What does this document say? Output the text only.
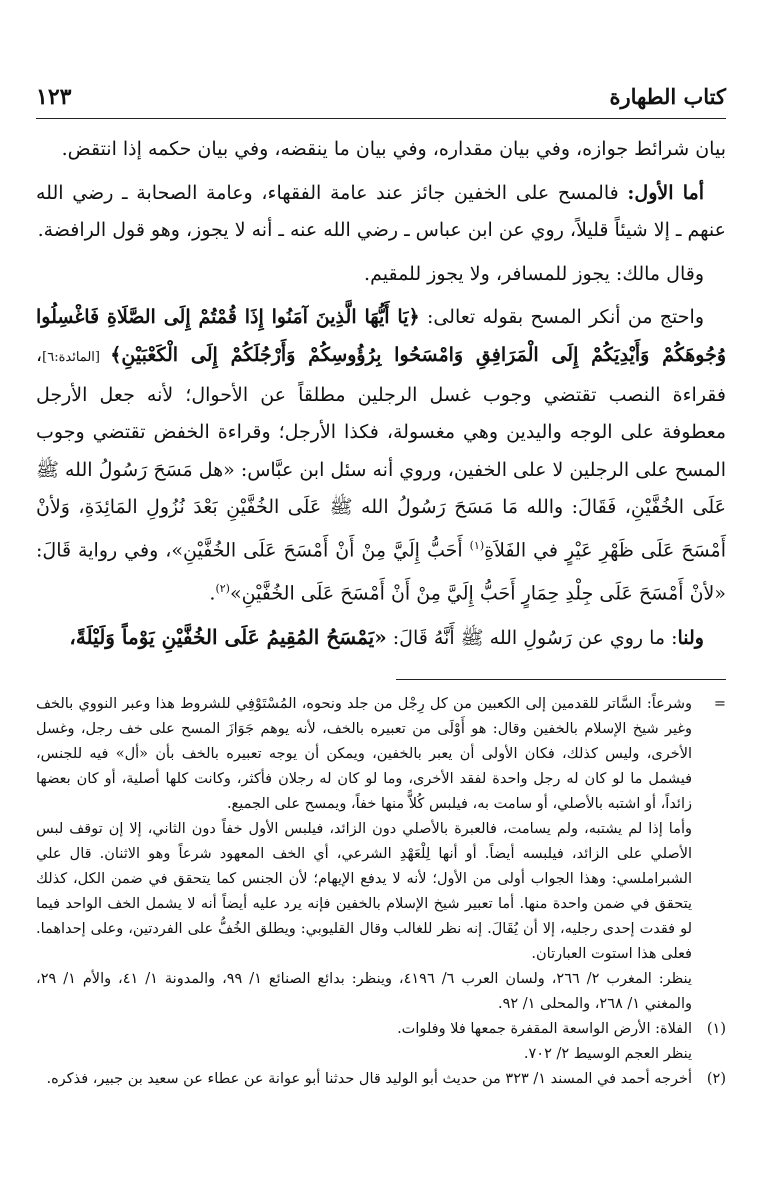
كتاب الطهارة
١٢٣

بيان شرائط جوازه، وفي بيان مقداره، وفي بيان ما ينقضه، وفي بيان حكمه إذا انتقض.

أما الأول: فالمسح على الخفين جائز عند عامة الفقهاء، وعامة الصحابة ـ رضي الله عنهم ـ إلا شيئاً قليلاً، روي عن ابن عباس ـ رضي الله عنه ـ أنه لا يجوز، وهو قول الرافضة.

وقال مالك: يجوز للمسافر، ولا يجوز للمقيم.

واحتج من أنكر المسح بقوله تعالى: ﴿يَا أَيُّهَا الَّذِينَ آمَنُوا إِذَا قُمْتُمْ إِلَى الصَّلَاةِ فَاغْسِلُوا وُجُوهَكُمْ وَأَيْدِيَكُمْ إِلَى الْمَرَافِقِ وَامْسَحُوا بِرُؤُوسِكُمْ وَأَرْجُلَكُمْ إِلَى الْكَعْبَيْنِ﴾ [المائدة:٦]، فقراءة النصب تقتضي وجوب غسل الرجلين مطلقاً عن الأحوال؛ لأنه جعل الأرجل معطوفة على الوجه واليدين وهي مغسولة، فكذا الأرجل؛ وقراءة الخفض تقتضي وجوب المسح على الرجلين لا على الخفين، وروي أنه سئل ابن عبَّاس: «هل مَسَحَ رَسُولُ الله ﷺ عَلَى الخُفَّيْنِ، فَقَالَ: والله مَا مَسَحَ رَسُولُ الله ﷺ عَلَى الخُفَّيْنِ بَعْدَ نُزُولِ المَائِدَةِ، وَلأنْ أَمْسَحَ عَلَى ظَهْرِ عَيْرٍ في الفَلاَةِ$^{(١)}$ أَحَبُّ إِلَيَّ مِنْ أَنْ أَمْسَحَ عَلَى الخُفَّيْنِ»، وفي رواية قَالَ: «لأنْ أَمْسَحَ عَلَى جِلْدِ حِمَارٍ أَحَبُّ إِلَيَّ مِنْ أَنْ أَمْسَحَ عَلَى الخُفَّيْنِ»$^{(٢)}$.

ولنا: ما روي عن رَسُولِ الله ﷺ أَنَّهُ قَالَ: «يَمْسَحُ المُقِيمُ عَلَى الخُفَّيْنِ يَوْماً وَلَيْلَةً،

=

وشرعاً: السَّاتر للقدمين إلى الكعبين من كل رِجْل من جلد ونحوه، المُسْتَوْفِي للشروط هذا وعبر النووي بالخف وغير شيخ الإسلام بالخفين وقال: هو أَوْلَى من تعبيره بالخف، لأنه يوهم جَوَازَ المسح على خف رجل، وغسل الأخرى، وليس كذلك، فكان الأولى أن يعبر بالخفين، ويمكن أن يوجه تعبيره بالخف بأن «أل» فيه للجنس، فيشمل ما لو كان له رجل واحدة لفقد الأخرى، وما لو كان له رجلان فأكثر، وكانت كلها أصلية، أو كان بعضها زائداً، أو اشتبه بالأصلي، أو سامت به، فيلبس كُلاًّ منها خفاً، ويمسح على الجميع.

وأما إذا لم يشتبه، ولم يسامت، فالعبرة بالأصلي دون الزائد، فيلبس الأول خفاً دون الثاني، إلا إن توقف لبس الأصلي على الزائد، فيلبسه أيضاً. أو أنها لِلْعَهْدِ الشرعي، أي الخف المعهود شرعاً وهو الاثنان. قال علي الشبراملسي: وهذا الجواب أولى من الأول؛ لأنه لا يدفع الإيهام؛ لأن الجنس كما يتحقق في ضمن الكل، كذلك يتحقق في ضمن واحدة منها. أما تعبير شيخ الإسلام بالخفين فإنه يرد عليه أيضاً أنه لا يشمل الخف الواحد فيما لو فقدت إحدى رجليه، إلا أن يُقَالَ. إنه نظر للغالب وقال القليوبي: ويطلق الخُفُّ على الفردتين، وعلى إحداهما. فعلى هذا استوت العبارتان.

ينظر: المغرب ٢/ ٢٦٦، ولسان العرب ٦/ ٤١٩٦، وينظر: بدائع الصنائع ١/ ٩٩، والمدونة ١/ ٤١، والأم ١/ ٢٩، والمغني ١/ ٢٦٨، والمحلى ١/ ٩٢.

(١)

الفلاة: الأرض الواسعة المقفرة جمعها فلا وفلوات.

ينظر العجم الوسيط ٢/ ٧٠٢.

(٢)

أخرجه أحمد في المسند ١/ ٣٢٣ من حديث أبو الوليد قال حدثنا أبو عوانة عن عطاء عن سعيد بن جبير، فذكره.
